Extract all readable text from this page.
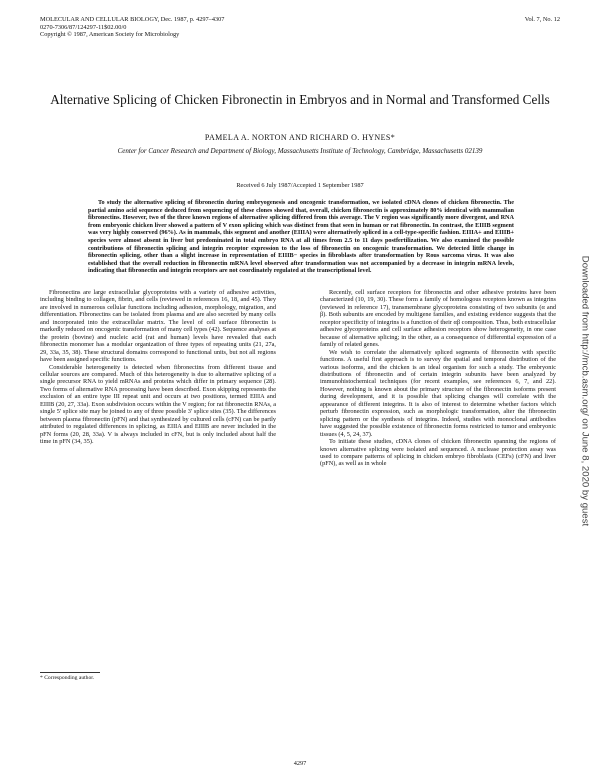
MOLECULAR AND CELLULAR BIOLOGY, Dec. 1987, p. 4297–4307
0270-7306/87/124297-11$02.00/0
Copyright © 1987, American Society for Microbiology
Vol. 7, No. 12
Alternative Splicing of Chicken Fibronectin in Embryos and in Normal and Transformed Cells
PAMELA A. NORTON AND RICHARD O. HYNES*
Center for Cancer Research and Department of Biology, Massachusetts Institute of Technology, Cambridge, Massachusetts 02139
Received 6 July 1987/Accepted 1 September 1987
To study the alternative splicing of fibronectin during embryogenesis and oncogenic transformation, we isolated cDNA clones of chicken fibronectin. The partial amino acid sequence deduced from sequencing of these clones showed that, overall, chicken fibronectin is approximately 80% identical with mammalian fibronectins. However, two of the three known regions of alternative splicing differed from this average. The V region was significantly more divergent, and RNA from embryonic chicken liver showed a pattern of V exon splicing which was distinct from that seen in human or rat fibronectin. In contrast, the EIIIB segment was very highly conserved (96%). As in mammals, this segment and another (EIIIA) were alternatively spliced in a cell-type-specific fashion. EIIIA+ and EIIIB+ species were almost absent in liver but predominated in total embryo RNA at all times from 2.5 to 11 days postfertilization. We also examined the possible contributions of fibronectin splicing and integrin receptor expression to the loss of fibronectin on oncogenic transformation. We detected little change in fibronectin splicing, other than a slight increase in representation of EIIIB− species in fibroblasts after transformation by Rous sarcoma virus. It was also established that the overall reduction in fibronectin mRNA level observed after transformation was not accompanied by a decrease in integrin mRNA levels, indicating that fibronectin and integrin receptors are not coordinately regulated at the transcriptional level.

Fibronectins are large extracellular glycoproteins with a variety of adhesive activities, including binding to collagen, fibrin, and cells (reviewed in references 16, 18, and 45). They are involved in numerous cellular functions including adhesion, morphology, migration, and differentiation. Fibronectins can be isolated from plasma and are also secreted by many cells and incorporated into the extracellular matrix. The level of cell surface fibronectin is markedly reduced on oncogenic transformation of many cell types (42). Sequence analyses at the protein (bovine) and nucleic acid (rat and human) levels have revealed that each fibronectin monomer has a modular organization of three types of repeating units (21, 27a, 29, 33a, 35, 38). These structural domains correspond to functional units, but not all regions have been assigned specific functions.

Considerable heterogeneity is detected when fibronectins from different tissue and cellular sources are compared. Much of this heterogeneity is due to alternative splicing of a single precursor RNA to yield mRNAs and proteins which differ in primary sequence (28). Two forms of alternative RNA processing have been described. Exon skipping represents the exclusion of an entire type III repeat unit and occurs at two positions, termed EIIIA and EIIIB (20, 27, 33a). Exon subdivision occurs within the V region; for rat fibronectin RNAs, a single 5′ splice site may be joined to any of three possible 3′ splice sites (35). The differences between plasma fibronectin (pFN) and that synthesized by cultured cells (cFN) can be partly attributed to regulated differences in splicing, as EIIIA and EIIIB are never included in the pFN forms (20, 28, 33a). V is always included in cFN, but is only included about half the time in pFN (34, 35).

Recently, cell surface receptors for fibronectin and other adhesive proteins have been characterized (10, 19, 30). These form a family of homologous receptors known as integrins (reviewed in reference 17), transmembrane glycoproteins consisting of two subunits (α and β). Both subunits are encoded by multigene families, and existing evidence suggests that the receptor specificity of integrins is a function of their αβ composition. Thus, both extracellular adhesive glycoproteins and cell surface adhesion receptors show heterogeneity, in one case because of alternative splicing; in the other, as a consequence of differential expression of a family of related genes.

We wish to correlate the alternatively spliced segments of fibronectin with specific functions. A useful first approach is to survey the spatial and temporal distribution of the various isoforms, and the chicken is an ideal organism for such a study. The embryonic distributions of fibronectin and of certain integrin subunits have been analyzed by immunohistochemical techniques (for recent examples, see references 6, 7, and 22). However, nothing is known about the primary structure of the fibronectin isoforms present during development, and it is possible that splicing changes will correlate with the appearance of different integrins. It is also of interest to determine whether factors which perturb fibronectin expression, such as morphologic transformation, alter the fibronectin splicing pattern or the synthesis of integrins. Indeed, studies with monoclonal antibodies have suggested the possible existence of fibronectin forms restricted to tumor and embryonic tissues (4, 5, 24, 37).

To initiate these studies, cDNA clones of chicken fibronectin spanning the regions of known alternative splicing were isolated and sequenced. A nuclease protection assay was used to compare patterns of splicing in chicken embryo fibroblasts (CEFs) (cFN) and liver (pFN), as well as in whole

* Corresponding author.
4297
Downloaded from http://mcb.asm.org/ on June 8, 2020 by guest
